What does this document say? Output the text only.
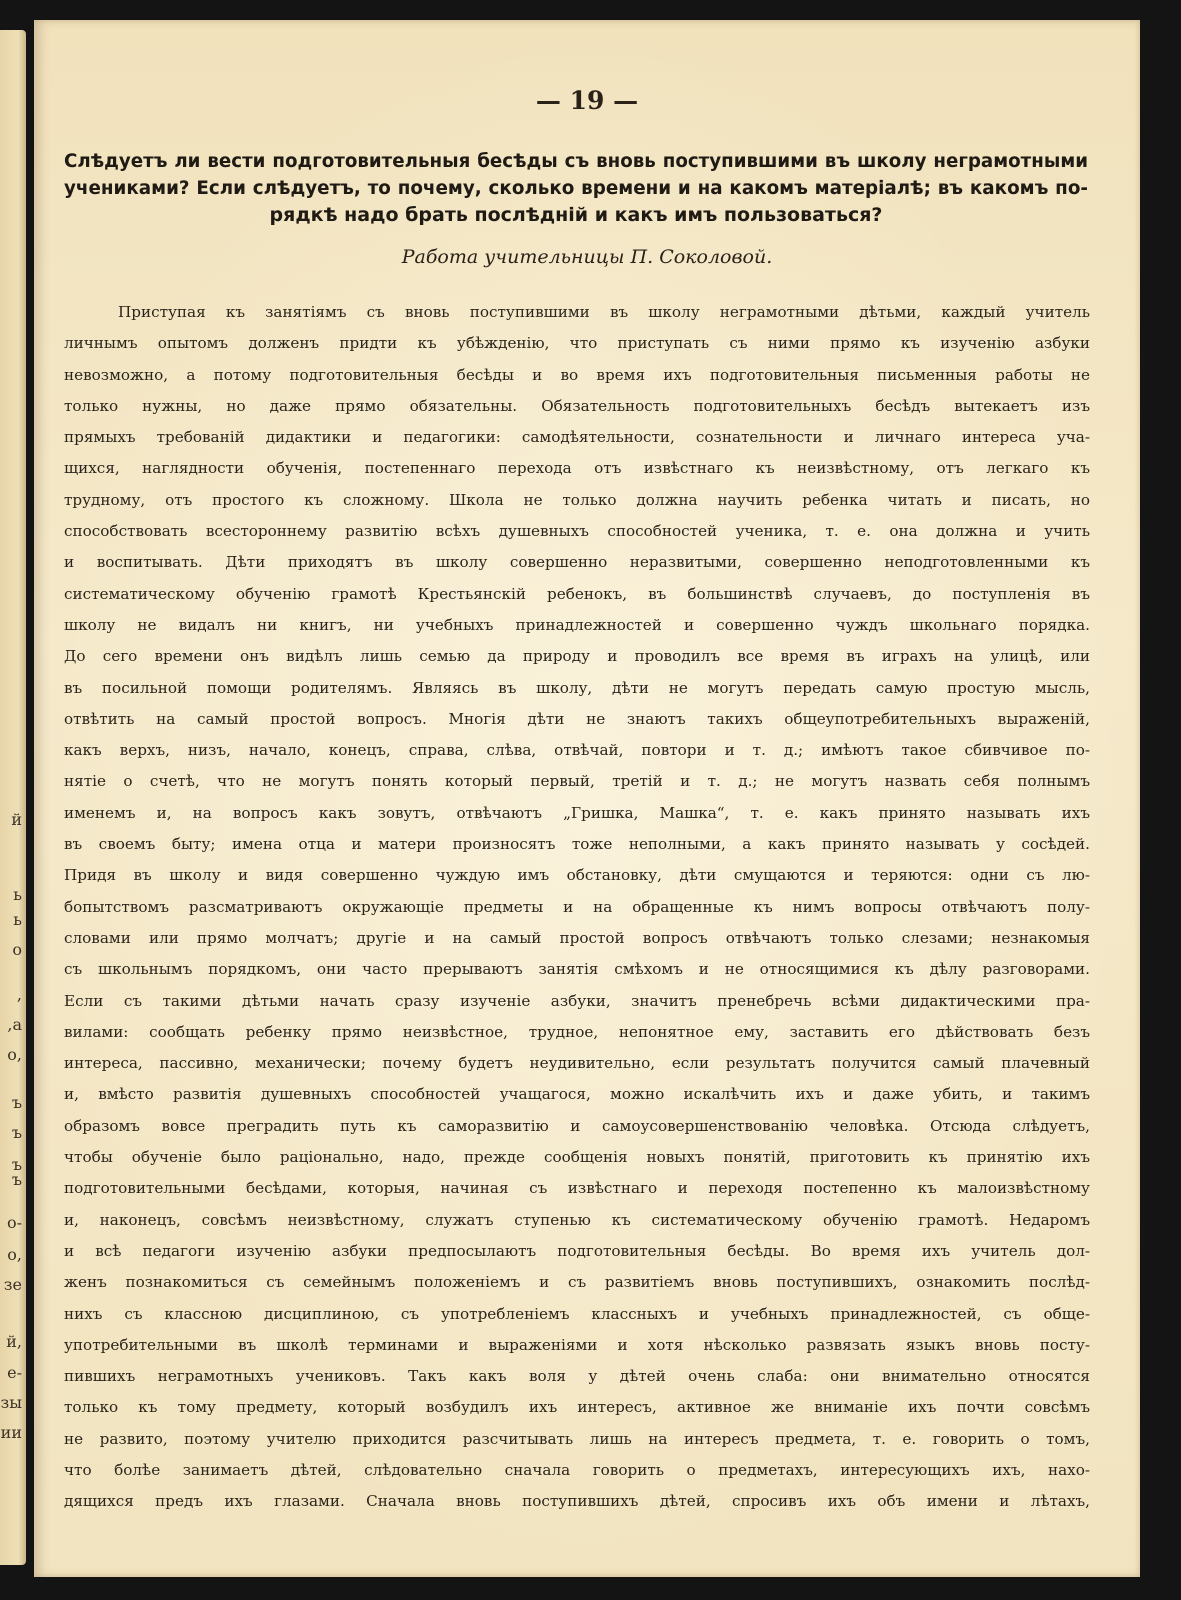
й
ь
ъ
ъ
ь
о
,
,а
о,
ъ
ъ
о-
о,
зе
й,
е-
зы
ии
— 19 —
Слѣдуетъ ли вести подготовительныя бесѣды съ вновь поступившими въ школу неграмотными
учениками? Если слѣдуетъ, то почему, сколько времени и на какомъ матеріалѣ; въ какомъ по-
рядкѣ надо брать послѣдній и какъ имъ пользоваться?
Работа учительницы П. Соколовой.
Приступая къ занятіямъ съ вновь поступившими въ школу неграмотными дѣтьми, каждый учитель
личнымъ опытомъ долженъ придти къ убѣжденію, что приступать съ ними прямо къ изученію азбуки
невозможно, а потому подготовительныя бесѣды и во время ихъ подготовительныя письменныя работы не
только нужны, но даже прямо обязательны. Обязательность подготовительныхъ бесѣдъ вытекаетъ изъ
прямыхъ требованій дидактики и педагогики: самодѣятельности, сознательности и личнаго интереса уча-
щихся, наглядности обученія, постепеннаго перехода отъ извѣстнаго къ неизвѣстному, отъ легкаго къ
трудному, отъ простого къ сложному. Школа не только должна научить ребенка читать и писать, но
способствовать всестороннему развитію всѣхъ душевныхъ способностей ученика, т. е. она должна и учить
и воспитывать. Дѣти приходятъ въ школу совершенно неразвитыми, совершенно неподготовленными къ
систематическому обученію грамотѣ Крестьянскій ребенокъ, въ большинствѣ случаевъ, до поступленія въ
школу не видалъ ни книгъ, ни учебныхъ принадлежностей и совершенно чуждъ школьнаго порядка.
До сего времени онъ видѣлъ лишь семью да природу и проводилъ все время въ играхъ на улицѣ, или
въ посильной помощи родителямъ. Являясь въ школу, дѣти не могутъ передать самую простую мысль,
отвѣтить на самый простой вопросъ. Многія дѣти не знаютъ такихъ общеупотребительныхъ выраженій,
какъ верхъ, низъ, начало, конецъ, справа, слѣва, отвѣчай, повтори и т. д.; имѣютъ такое сбивчивое по-
нятіе о счетѣ, что не могутъ понять который первый, третій и т. д.; не могутъ назвать себя полнымъ
именемъ и, на вопросъ какъ зовутъ, отвѣчаютъ „Гришка, Машка“, т. е. какъ принято называть ихъ
въ своемъ быту; имена отца и матери произносятъ тоже неполными, а какъ принято называть у сосѣдей.
Придя въ школу и видя совершенно чуждую имъ обстановку, дѣти смущаются и теряются: одни съ лю-
бопытствомъ разсматриваютъ окружающіе предметы и на обращенные къ нимъ вопросы отвѣчаютъ полу-
словами или прямо молчатъ; другіе и на самый простой вопросъ отвѣчаютъ только слезами; незнакомыя
съ школьнымъ порядкомъ, они часто прерываютъ занятія смѣхомъ и не относящимися къ дѣлу разговорами.
Если съ такими дѣтьми начать сразу изученіе азбуки, значитъ пренебречь всѣми дидактическими пра-
вилами: сообщать ребенку прямо неизвѣстное, трудное, непонятное ему, заставить его дѣйствовать безъ
интереса, пассивно, механически; почему будетъ неудивительно, если результатъ получится самый плачевный
и, вмѣсто развитія душевныхъ способностей учащагося, можно искалѣчить ихъ и даже убить, и такимъ
образомъ вовсе преградить путь къ саморазвитію и самоусовершенствованію человѣка. Отсюда слѣдуетъ,
чтобы обученіе было раціонально, надо, прежде сообщенія новыхъ понятій, приготовить къ принятію ихъ
подготовительными бесѣдами, которыя, начиная съ извѣстнаго и переходя постепенно къ малоизвѣстному
и, наконецъ, совсѣмъ неизвѣстному, служатъ ступенью къ систематическому обученію грамотѣ. Недаромъ
и всѣ педагоги изученію азбуки предпосылаютъ подготовительныя бесѣды. Во время ихъ учитель дол-
женъ познакомиться съ семейнымъ положеніемъ и съ развитіемъ вновь поступившихъ, ознакомить послѣд-
нихъ съ классною дисциплиною, съ употребленіемъ классныхъ и учебныхъ принадлежностей, съ обще-
употребительными въ школѣ терминами и выраженіями и хотя нѣсколько развязать языкъ вновь посту-
пившихъ неграмотныхъ учениковъ. Такъ какъ воля у дѣтей очень слаба: они внимательно относятся
только къ тому предмету, который возбудилъ ихъ интересъ, активное же вниманіе ихъ почти совсѣмъ
не развито, поэтому учителю приходится разсчитывать лишь на интересъ предмета, т. е. говорить о томъ,
что болѣе занимаетъ дѣтей, слѣдовательно сначала говорить о предметахъ, интересующихъ ихъ, нахо-
дящихся предъ ихъ глазами. Сначала вновь поступившихъ дѣтей, спросивъ ихъ объ имени и лѣтахъ,
